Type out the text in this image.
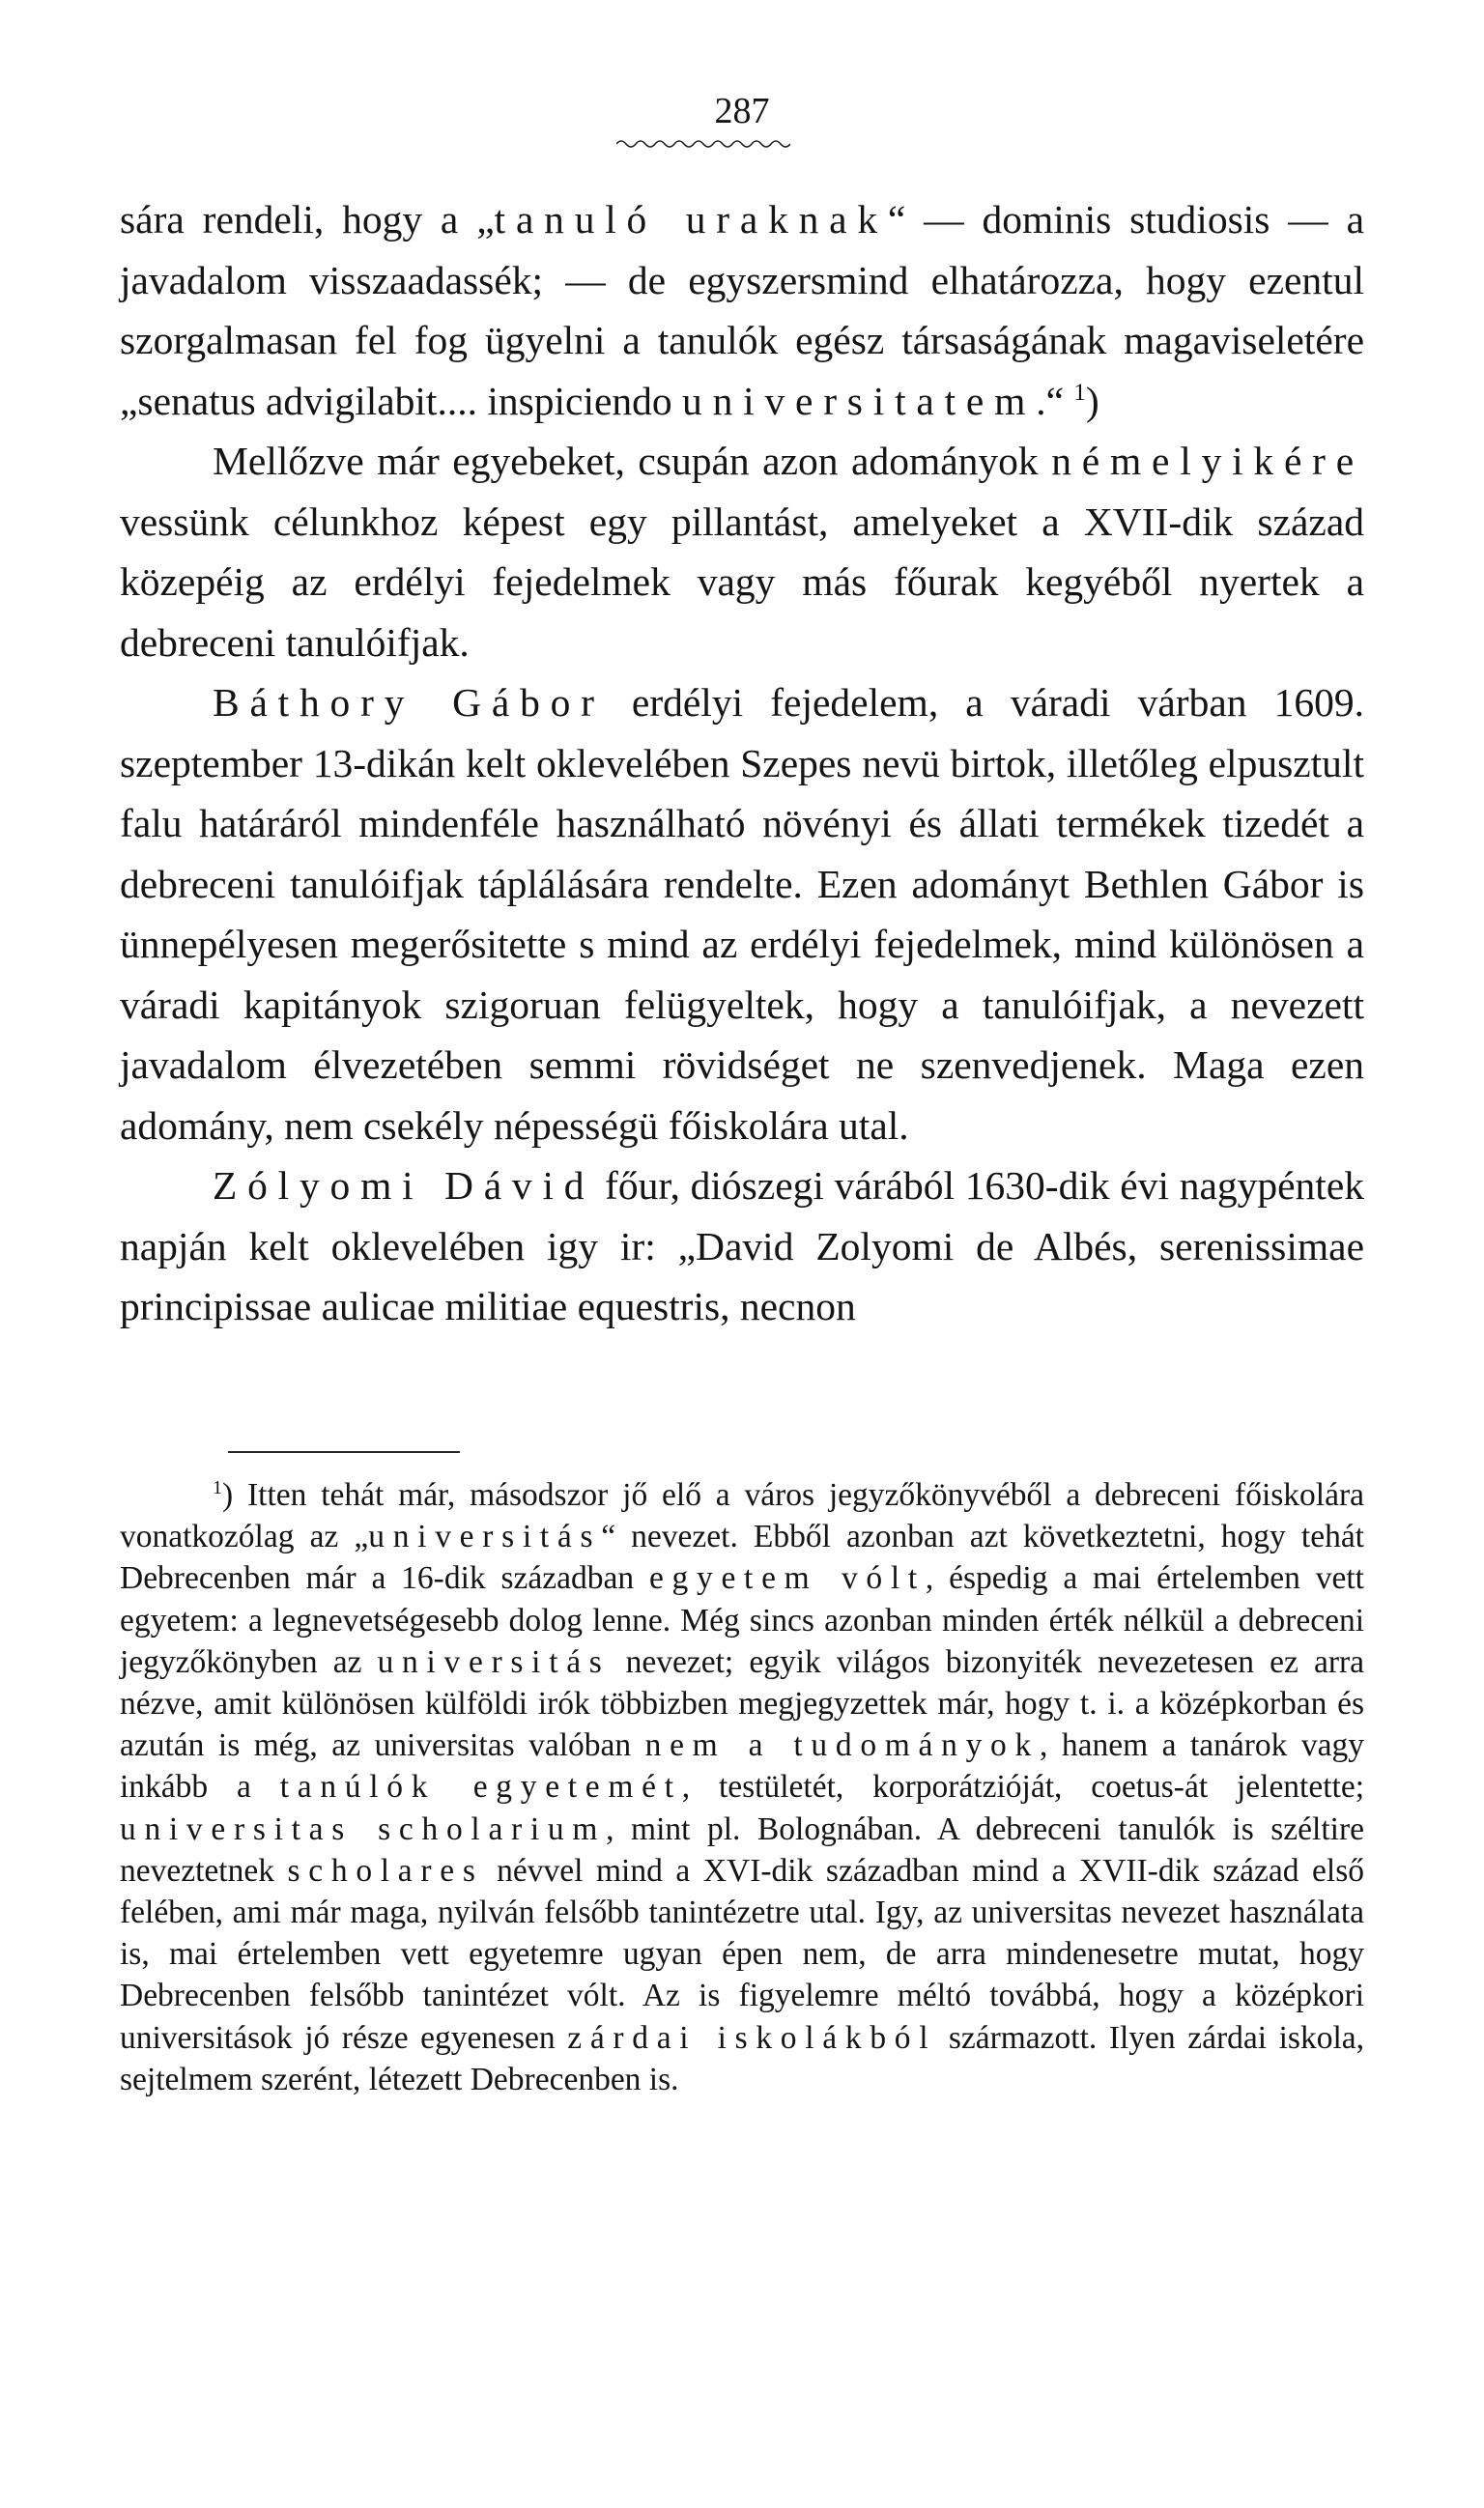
287

sára rendeli, hogy a „tanuló uraknak“ — dominis studiosis — a javadalom visszaadassék; — de egyszersmind elhatározza, hogy ezentul szorgalmasan fel fog ügyelni a tanulók egész társaságának magaviseletére „senatus advigilabit.... inspiciendo universitatem.“ $^1$)

Mellőzve már egyebeket, csupán azon adományok némelyikére vessünk célunkhoz képest egy pillantást, amelyeket a XVII-dik század közepéig az erdélyi fejedelmek vagy más főurak kegyéből nyertek a debreceni tanulóifjak.

Báthory Gábor erdélyi fejedelem, a váradi várban 1609. szeptember 13-dikán kelt oklevelében Szepes nevü birtok, illetőleg elpusztult falu határáról mindenféle használható növényi és állati termékek tizedét a debreceni tanulóifjak táplálására rendelte. Ezen adományt Bethlen Gábor is ünnepélyesen megerősitette s mind az erdélyi fejedelmek, mind különösen a váradi kapitányok szigoruan felügyeltek, hogy a tanulóifjak, a nevezett javadalom élvezetében semmi rövidséget ne szenvedjenek. Maga ezen adomány, nem csekély népességü főiskolára utal.

Zólyomi Dávid főur, diószegi várából 1630-dik évi nagypéntek napján kelt oklevelében igy ir: „David Zolyomi de Albés, serenissimae principissae aulicae militiae equestris, necnon

$^1$) Itten tehát már, másodszor jő elő a város jegyzőkönyvéből a debreceni főiskolára vonatkozólag az „universitás“ nevezet. Ebből azonban azt következtetni, hogy tehát Debrecenben már a 16-dik században egyetem vólt, éspedig a mai értelemben vett egyetem: a legnevetségesebb dolog lenne. Még sincs azonban minden érték nélkül a debreceni jegyzőkönyben az universitás nevezet; egyik világos bizonyiték nevezetesen ez arra nézve, amit különösen külföldi irók többizben megjegyzettek már, hogy t. i. a középkorban és azután is még, az universitas valóban nem a tudományok, hanem a tanárok vagy inkább a tanúlók egyetemét, testületét, korporátzióját, coetus-át jelentette; universitas scholarium, mint pl. Bolognában. A debreceni tanulók is széltire neveztetnek scholares névvel mind a XVI-dik században mind a XVII-dik század első felében, ami már maga, nyilván felsőbb tanintézetre utal. Igy, az universitas nevezet használata is, mai értelemben vett egyetemre ugyan épen nem, de arra mindenesetre mutat, hogy Debrecenben felsőbb tanintézet vólt. Az is figyelemre méltó továbbá, hogy a középkori universitások jó része egyenesen zárdai iskolákból származott. Ilyen zárdai iskola, sejtelmem szerént, létezett Debrecenben is.
